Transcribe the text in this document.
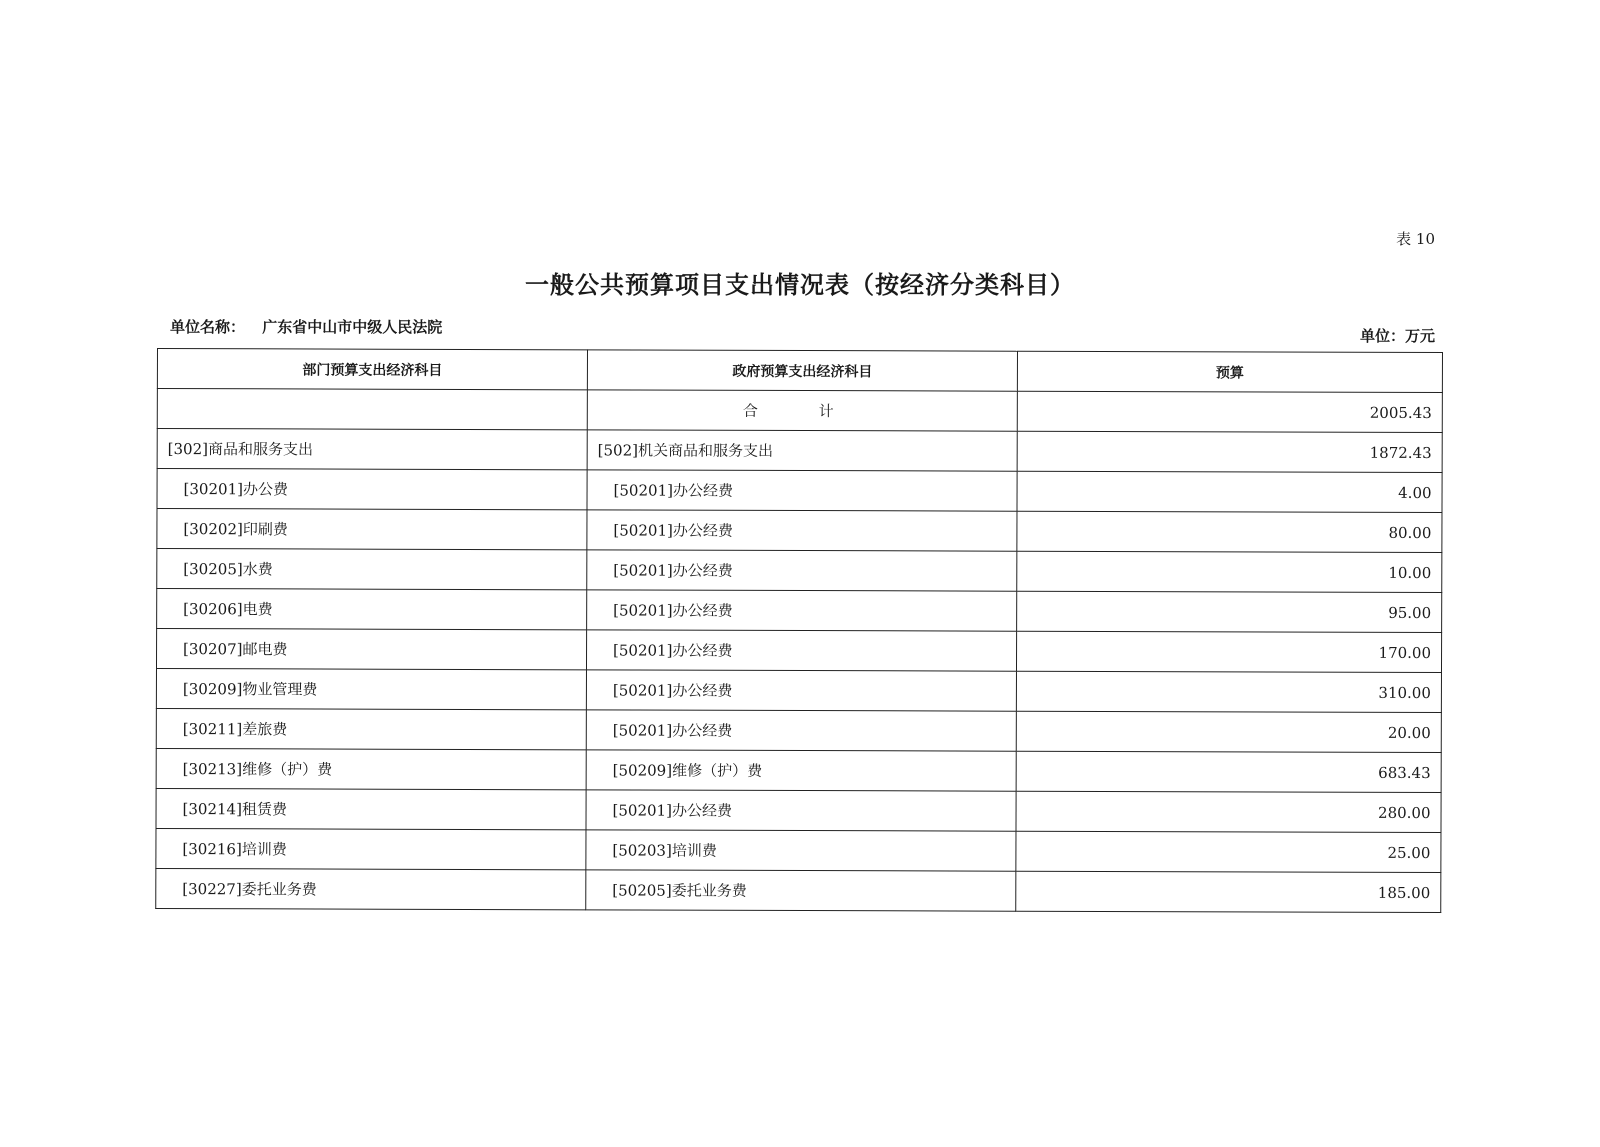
表 10
一般公共预算项目支出情况表（按经济分类科目）
单位名称： 广东省中山市中级人民法院	单位：万元
部门预算支出经济科目	政府预算支出经济科目	预算
	合 计	2005.43
[302]商品和服务支出	[502]机关商品和服务支出	1872.43
[30201]办公费	[50201]办公经费	4.00
[30202]印刷费	[50201]办公经费	80.00
[30205]水费	[50201]办公经费	10.00
[30206]电费	[50201]办公经费	95.00
[30207]邮电费	[50201]办公经费	170.00
[30209]物业管理费	[50201]办公经费	310.00
[30211]差旅费	[50201]办公经费	20.00
[30213]维修（护）费	[50209]维修（护）费	683.43
[30214]租赁费	[50201]办公经费	280.00
[30216]培训费	[50203]培训费	25.00
[30227]委托业务费	[50205]委托业务费	185.00
